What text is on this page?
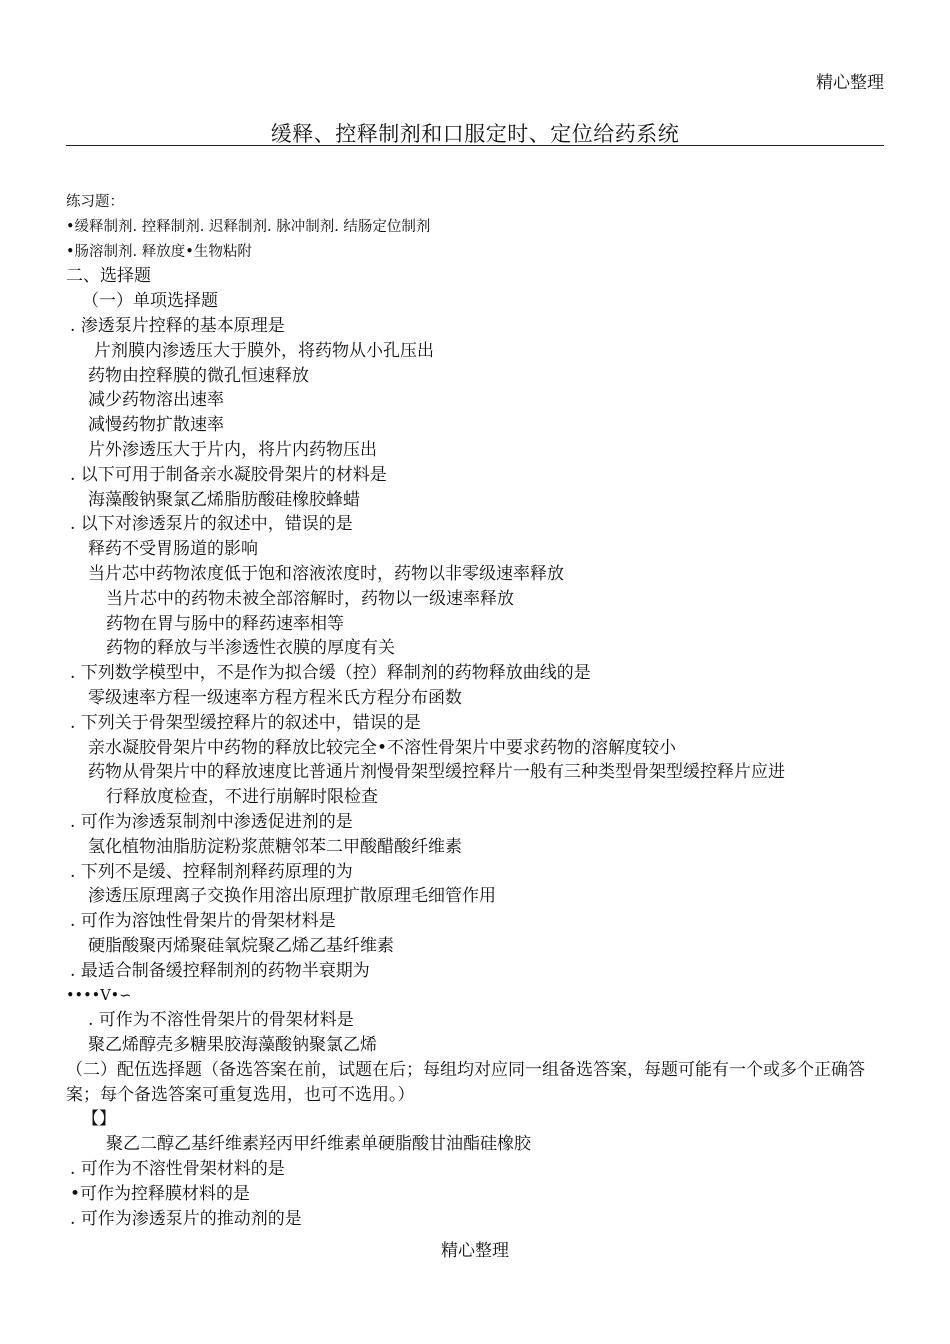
精心整理
缓释、控释制剂和口服定时、定位给药系统
练习题：
•缓释制剂. 控释制剂. 迟释制剂. 脉冲制剂. 结肠定位制剂
•肠溶制剂. 释放度•生物粘附
二、选择题
（一）单项选择题
. 渗透泵片控释的基本原理是
片剂膜内渗透压大于膜外，将药物从小孔压出
药物由控释膜的微孔恒速释放
减少药物溶出速率
减慢药物扩散速率
片外渗透压大于片内，将片内药物压出
. 以下可用于制备亲水凝胶骨架片的材料是
海藻酸钠聚氯乙烯脂肪酸硅橡胶蜂蜡
. 以下对渗透泵片的叙述中，错误的是
释药不受胃肠道的影响
当片芯中药物浓度低于饱和溶液浓度时，药物以非零级速率释放
当片芯中的药物未被全部溶解时，药物以一级速率释放
药物在胃与肠中的释药速率相等
药物的释放与半渗透性衣膜的厚度有关
. 下列数学模型中，不是作为拟合缓（控）释制剂的药物释放曲线的是
零级速率方程一级速率方程方程米氏方程分布函数
. 下列关于骨架型缓控释片的叙述中，错误的是
亲水凝胶骨架片中药物的释放比较完全•不溶性骨架片中要求药物的溶解度较小
药物从骨架片中的释放速度比普通片剂慢骨架型缓控释片一般有三种类型骨架型缓控释片应进
行释放度检查，不进行崩解时限检查
. 可作为渗透泵制剂中渗透促进剂的是
氢化植物油脂肪淀粉浆蔗糖邻苯二甲酸醋酸纤维素
. 下列不是缓、控释制剂释药原理的为
渗透压原理离子交换作用溶出原理扩散原理毛细管作用
. 可作为溶蚀性骨架片的骨架材料是
硬脂酸聚丙烯聚硅氧烷聚乙烯乙基纤维素
. 最适合制备缓控释制剂的药物半衰期为
••••V•∽
. 可作为不溶性骨架片的骨架材料是
聚乙烯醇壳多糖果胶海藻酸钠聚氯乙烯
（二）配伍选择题（备选答案在前，试题在后；每组均对应同一组备选答案，每题可能有一个或多个正确答案；每个备选答案可重复选用，也可不选用。）
【】
聚乙二醇乙基纤维素羟丙甲纤维素单硬脂酸甘油酯硅橡胶
. 可作为不溶性骨架材料的是
•可作为控释膜材料的是
. 可作为渗透泵片的推动剂的是
精心整理
